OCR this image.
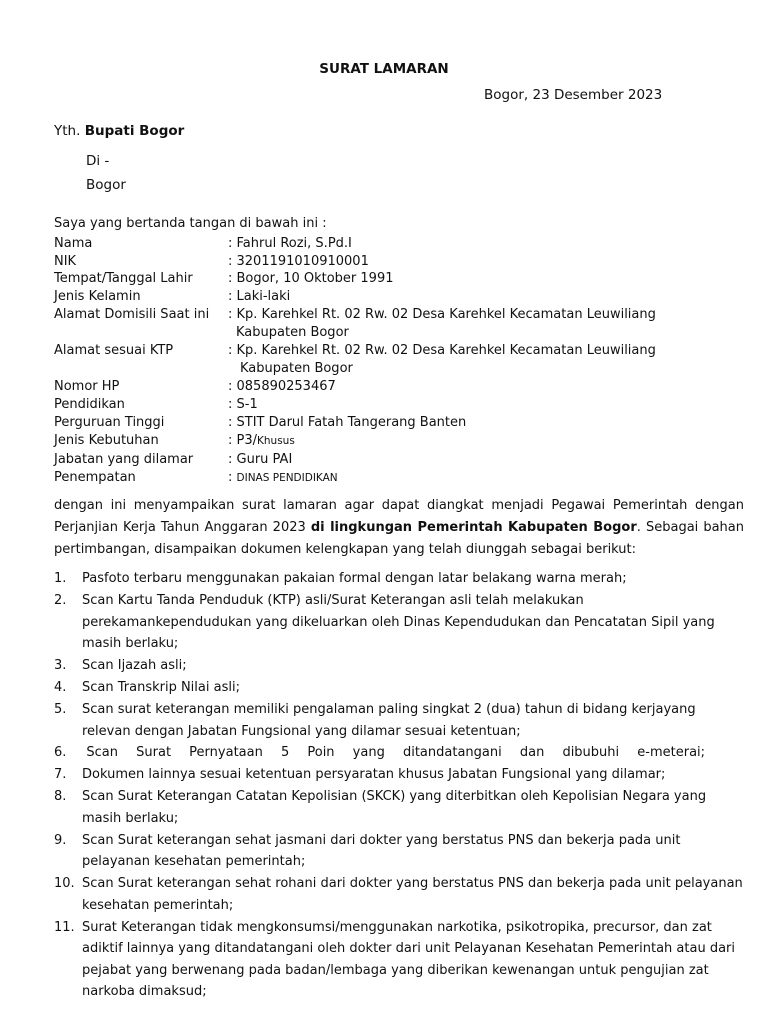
SURAT LAMARAN
Bogor, 23 Desember 2023
Yth. Bupati Bogor
Di -
Bogor
Saya yang bertanda tangan di bawah ini :
Nama	: Fahrul Rozi, S.Pd.I
NIK	: 3201191010910001
Tempat/Tanggal Lahir	: Bogor, 10 Oktober 1991
Jenis Kelamin	: Laki-laki
Alamat Domisili Saat ini : Kp. Karehkel Rt. 02 Rw. 02 Desa Karehkel Kecamatan Leuwiliang
Kabupaten Bogor
Alamat sesuai KTP	: Kp. Karehkel Rt. 02 Rw. 02 Desa Karehkel Kecamatan Leuwiliang
Kabupaten Bogor
Nomor HP	: 085890253467
Pendidikan	: S-1
Perguruan Tinggi	: STIT Darul Fatah Tangerang Banten
Jenis Kebutuhan	: P3/Khusus
Jabatan yang dilamar	: Guru PAI
Penempatan	: DINAS PENDIDIKAN
dengan ini menyampaikan surat lamaran agar dapat diangkat menjadi Pegawai Pemerintah dengan Perjanjian Kerja Tahun Anggaran 2023 di lingkungan Pemerintah Kabupaten Bogor. Sebagai bahan pertimbangan, disampaikan dokumen kelengkapan yang telah diunggah sebagai berikut:
1.	Pasfoto terbaru menggunakan pakaian formal dengan latar belakang warna merah;
2.	Scan Kartu Tanda Penduduk (KTP) asli/Surat Keterangan asli telah melakukan perekamankependudukan yang dikeluarkan oleh Dinas Kependudukan dan Pencatatan Sipil yang masih berlaku;
3.	Scan Ijazah asli;
4.	Scan Transkrip Nilai asli;
5.	Scan surat keterangan memiliki pengalaman paling singkat 2 (dua) tahun di bidang kerjayang relevan dengan Jabatan Fungsional yang dilamar sesuai ketentuan;
6. Scan Surat Pernyataan 5 Poin yang ditandatangani dan dibubuhi e-meterai;
7.	Dokumen lainnya sesuai ketentuan persyaratan khusus Jabatan Fungsional yang dilamar;
8.	Scan Surat Keterangan Catatan Kepolisian (SKCK) yang diterbitkan oleh Kepolisian Negara yang masih berlaku;
9.	Scan Surat keterangan sehat jasmani dari dokter yang berstatus PNS dan bekerja pada unit pelayanan kesehatan pemerintah;
10. Scan Surat keterangan sehat rohani dari dokter yang berstatus PNS dan bekerja pada unit pelayanan kesehatan pemerintah;
11. Surat Keterangan tidak mengkonsumsi/menggunakan narkotika, psikotropika, precursor, dan zat adiktif lainnya yang ditandatangani oleh dokter dari unit Pelayanan Kesehatan Pemerintah atau dari pejabat yang berwenang pada badan/lembaga yang diberikan kewenangan untuk pengujian zat narkoba dimaksud;
